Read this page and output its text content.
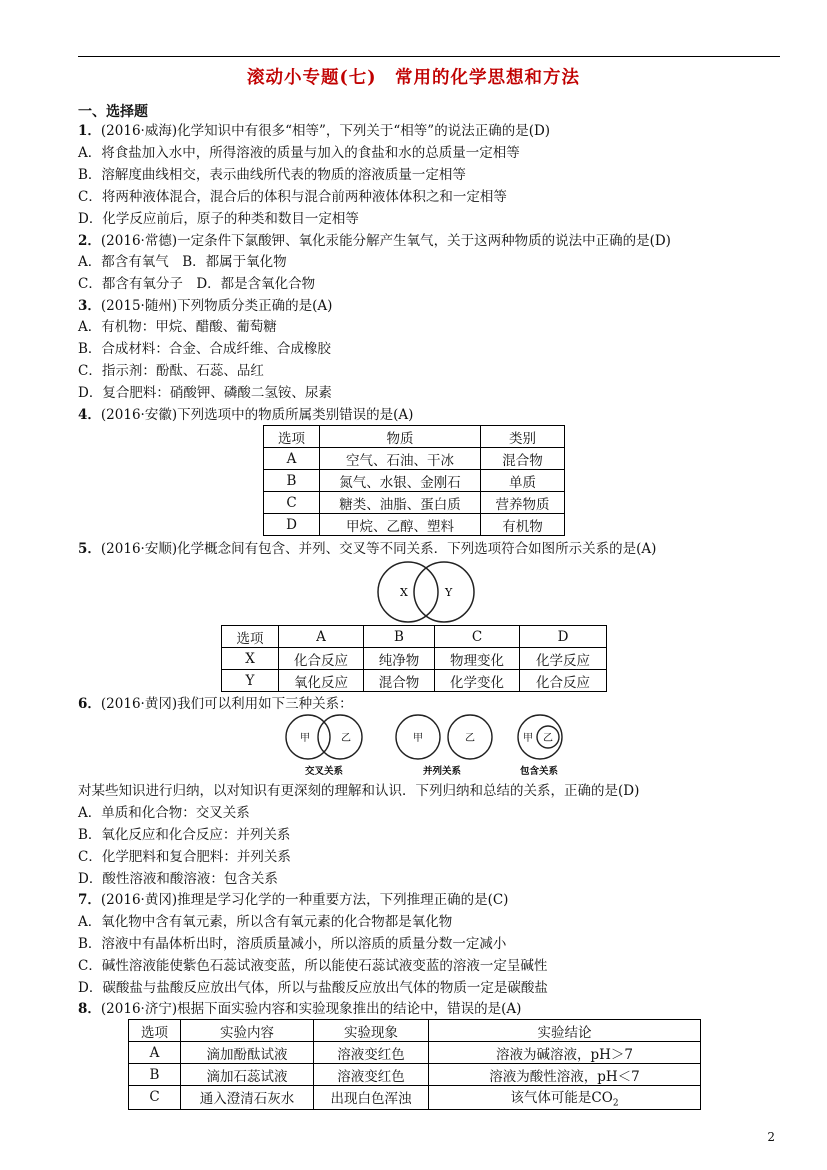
滚动小专题(七)　常用的化学思想和方法
一、选择题
1．(2016·威海)化学知识中有很多“相等”，下列关于“相等”的说法正确的是(D)
A．将食盐加入水中，所得溶液的质量与加入的食盐和水的总质量一定相等
B．溶解度曲线相交，表示曲线所代表的物质的溶液质量一定相等
C．将两种液体混合，混合后的体积与混合前两种液体体积之和一定相等
D．化学反应前后，原子的种类和数目一定相等
2．(2016·常德)一定条件下氯酸钾、氧化汞能分解产生氧气，关于这两种物质的说法中正确的是(D)
A．都含有氧气　B．都属于氧化物
C．都含有氧分子　D．都是含氧化合物
3．(2015·随州)下列物质分类正确的是(A)
A．有机物：甲烷、醋酸、葡萄糖
B．合成材料：合金、合成纤维、合成橡胶
C．指示剂：酚酞、石蕊、品红
D．复合肥料：硝酸钾、磷酸二氢铵、尿素
4．(2016·安徽)下列选项中的物质所属类别错误的是(A)
选项	物质	类别
A	空气、石油、干冰	混合物
B	氮气、水银、金刚石	单质
C	糖类、油脂、蛋白质	营养物质
D	甲烷、乙醇、塑料	有机物
5．(2016·安顺)化学概念间有包含、并列、交叉等不同关系．下列选项符合如图所示关系的是(A)
X	Y
选项	A	B	C	D
X	化合反应	纯净物	物理变化	化学反应
Y	氧化反应	混合物	化学变化	化合反应
6．(2016·黄冈)我们可以利用如下三种关系：
甲	乙
交叉关系
甲	乙
并列关系
甲 乙
包含关系
对某些知识进行归纳，以对知识有更深刻的理解和认识．下列归纳和总结的关系，正确的是(D)
A．单质和化合物：交叉关系
B．氧化反应和化合反应：并列关系
C．化学肥料和复合肥料：并列关系
D．酸性溶液和酸溶液：包含关系
7．(2016·黄冈)推理是学习化学的一种重要方法，下列推理正确的是(C)
A．氧化物中含有氧元素，所以含有氧元素的化合物都是氧化物
B．溶液中有晶体析出时，溶质质量减小，所以溶质的质量分数一定减小
C．碱性溶液能使紫色石蕊试液变蓝，所以能使石蕊试液变蓝的溶液一定呈碱性
D．碳酸盐与盐酸反应放出气体，所以与盐酸反应放出气体的物质一定是碳酸盐
8．(2016·济宁)根据下面实验内容和实验现象推出的结论中，错误的是(A)
选项	实验内容	实验现象	实验结论
A	滴加酚酞试液	溶液变红色	溶液为碱溶液，pH＞7
B	滴加石蕊试液	溶液变红色	溶液为酸性溶液，pH＜7
C	通入澄清石灰水	出现白色浑浊	该气体可能是$CO_2$
2
